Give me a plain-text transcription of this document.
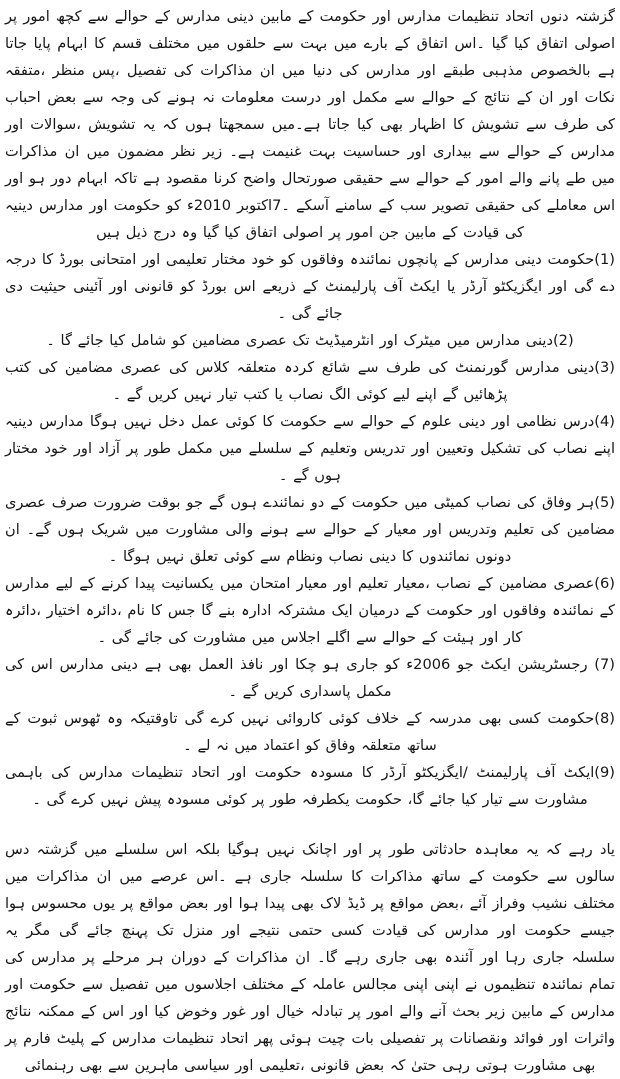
گزشتہ دنوں اتحاد تنظیمات مدارس اور حکومت کے مابین دینی مدارس کے حوالے سے کچھ امور پر اصولی اتفاق کیا گیا ۔اس اتفاق کے بارے میں بہت سے حلقوں میں مختلف قسم کا ابہام پایا جاتا ہے بالخصوص مذہبی طبقے اور مدارس کی دنیا میں ان مذاکرات کی تفصیل ،پس منظر ،متفقہ نکات اور ان کے نتائج کے حوالے سے مکمل اور درست معلومات نہ ہونے کی وجہ سے بعض احباب کی طرف سے تشویش کا اظہار بھی کیا جاتا ہے۔میں سمجھتا ہوں کہ یہ تشویش ،سوالات اور مدارس کے حوالے سے بیداری اور حساسیت بہت غنیمت ہے۔ زیر نظر مضمون میں ان مذاکرات میں طے پانے والے امور کے حوالے سے حقیقی صورتحال واضح کرنا مقصود ہے تاکہ ابہام دور ہو اور اس معاملے کی حقیقی تصویر سب کے سامنے آسکے ۔7اکتوبر 2010ء کو حکومت اور مدارس دینیہ کی قیادت کے مابین جن امور پر اصولی اتفاق کیا گیا وہ درج ذیل ہیں

(1)حکومت دینی مدارس کے پانچوں نمائندہ وفاقوں کو خود مختار تعلیمی اور امتحانی بورڈ کا درجہ دے گی اور ایگزیکٹو آرڈر یا ایکٹ آف پارلیمنٹ کے ذریعے اس بورڈ کو قانونی اور آئینی حیثیت دی جائے گی ۔

(2)دینی مدارس میں میٹرک اور انٹرمیڈیٹ تک عصری مضامین کو شامل کیا جائے گا ۔

(3)دینی مدارس گورنمنٹ کی طرف سے شائع کردہ متعلقہ کلاس کی عصری مضامین کی کتب پڑھائیں گے اپنے لیے کوئی الگ نصاب یا کتب تیار نہیں کریں گے ۔

(4)درس نظامی اور دینی علوم کے حوالے سے حکومت کا کوئی عمل دخل نہیں ہوگا مدارس دینیہ اپنے نصاب کی تشکیل وتعیین اور تدریس وتعلیم کے سلسلے میں مکمل طور پر آزاد اور خود مختار ہوں گے ۔

(5)ہر وفاق کی نصاب کمیٹی میں حکومت کے دو نمائندے ہوں گے جو بوقت ضرورت صرف عصری مضامین کی تعلیم وتدریس اور معیار کے حوالے سے ہونے والی مشاورت میں شریک ہوں گے۔ ان دونوں نمائندوں کا دینی نصاب ونظام سے کوئی تعلق نہیں ہوگا ۔

(6)عصری مضامین کے نصاب ،معیار تعلیم اور معیار امتحان میں یکسانیت پیدا کرنے کے لیے مدارس کے نمائندہ وفاقوں اور حکومت کے درمیان ایک مشترکہ ادارہ بنے گا جس کا نام ،دائرہ اختیار ،دائرہ کار اور ہیئت کے حوالے سے اگلے اجلاس میں مشاورت کی جائے گی ۔

(7) رجسٹریشن ایکٹ جو 2006ء کو جاری ہو چکا اور نافذ العمل بھی ہے دینی مدارس اس کی مکمل پاسداری کریں گے ۔

(8)حکومت کسی بھی مدرسہ کے خلاف کوئی کاروائی نہیں کرے گی تاوقتیکہ وہ ٹھوس ثبوت کے ساتھ متعلقہ وفاق کو اعتماد میں نہ لے ۔

(9)ایکٹ آف پارلیمنٹ /ایگزیکٹو آرڈر کا مسودہ حکومت اور اتحاد تنظیمات مدارس کی باہمی مشاورت سے تیار کیا جائے گا، حکومت یکطرفہ طور پر کوئی مسودہ پیش نہیں کرے گی ۔

یاد رہے کہ یہ معاہدہ حادثاتی طور پر اور اچانک نہیں ہوگیا بلکہ اس سلسلے میں گزشتہ دس سالوں سے حکومت کے ساتھ مذاکرات کا سلسلہ جاری ہے ۔اس عرصے میں ان مذاکرات میں مختلف نشیب وفراز آئے ،بعض مواقع پر ڈیڈ لاک بھی پیدا ہوا اور بعض مواقع پر یوں محسوس ہوا جیسے حکومت اور مدارس کی قیادت کسی حتمی نتیجے اور منزل تک پہنچ جائے گی مگر یہ سلسلہ جاری رہا اور آئندہ بھی جاری رہے گا۔ ان مذاکرات کے دوران ہر مرحلے پر مدارس کی تمام نمائندہ تنظیموں نے اپنی اپنی مجالس عاملہ کے مختلف اجلاسوں میں تفصیل سے حکومت اور مدارس کے مابین زیر بحث آنے والے امور پر تبادلہ خیال اور غور وخوض کیا اور اس کے ممکنہ نتائج واثرات اور فوائد ونقصانات پر تفصیلی بات چیت ہوئی پھر اتحاد تنظیمات مدارس کے پلیٹ فارم پر بھی مشاورت ہوتی رہی حتیٰ کہ بعض قانونی ،تعلیمی اور سیاسی ماہرین سے بھی رہنمائی
